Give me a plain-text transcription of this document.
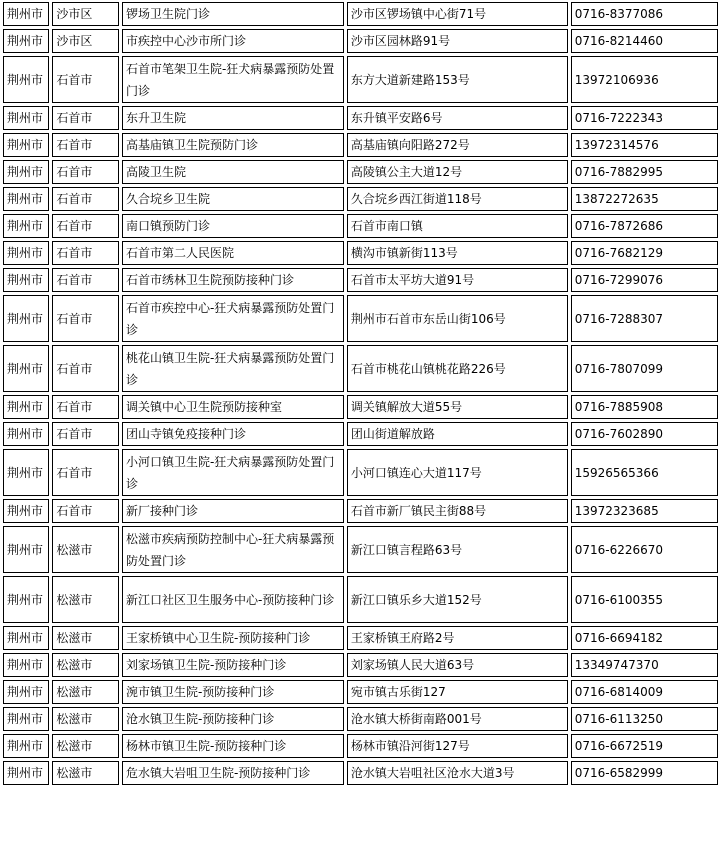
荆州市	沙市区	锣场卫生院门诊	沙市区锣场镇中心街71号	0716-8377086
荆州市	沙市区	市疾控中心沙市所门诊	沙市区园林路91号	0716-8214460
荆州市	石首市	石首市笔架卫生院-狂犬病暴露预防处置门诊	东方大道新建路153号	13972106936
荆州市	石首市	东升卫生院	东升镇平安路6号	0716-7222343
荆州市	石首市	高基庙镇卫生院预防门诊	高基庙镇向阳路272号	13972314576
荆州市	石首市	高陵卫生院	高陵镇公主大道12号	0716-7882995
荆州市	石首市	久合垸乡卫生院	久合垸乡西江街道118号	13872272635
荆州市	石首市	南口镇预防门诊	石首市南口镇	0716-7872686
荆州市	石首市	石首市第二人民医院	横沟市镇新街113号	0716-7682129
荆州市	石首市	石首市绣林卫生院预防接种门诊	石首市太平坊大道91号	0716-7299076
荆州市	石首市	石首市疾控中心-狂犬病暴露预防处置门诊	荆州市石首市东岳山街106号	0716-7288307
荆州市	石首市	桃花山镇卫生院-狂犬病暴露预防处置门诊	石首市桃花山镇桃花路226号	0716-7807099
荆州市	石首市	调关镇中心卫生院预防接种室	调关镇解放大道55号	0716-7885908
荆州市	石首市	团山寺镇免疫接种门诊	团山街道解放路	0716-7602890
荆州市	石首市	小河口镇卫生院-狂犬病暴露预防处置门诊	小河口镇连心大道117号	15926565366
荆州市	石首市	新厂接种门诊	石首市新厂镇民主街88号	13972323685
荆州市	松滋市	松滋市疾病预防控制中心-狂犬病暴露预防处置门诊	新江口镇言程路63号	0716-6226670
荆州市	松滋市	新江口社区卫生服务中心-预防接种门诊	新江口镇乐乡大道152号	0716-6100355
荆州市	松滋市	王家桥镇中心卫生院-预防接种门诊	王家桥镇王府路2号	0716-6694182
荆州市	松滋市	刘家场镇卫生院-预防接种门诊	刘家场镇人民大道63号	13349747370
荆州市	松滋市	涴市镇卫生院-预防接种门诊	宛市镇古乐街127	0716-6814009
荆州市	松滋市	沧水镇卫生院-预防接种门诊	沧水镇大桥街南路001号	0716-6113250
荆州市	松滋市	杨林市镇卫生院-预防接种门诊	杨林市镇沿河街127号	0716-6672519
荆州市	松滋市	危水镇大岩咀卫生院-预防接种门诊	沧水镇大岩咀社区沧水大道3号	0716-6582999
